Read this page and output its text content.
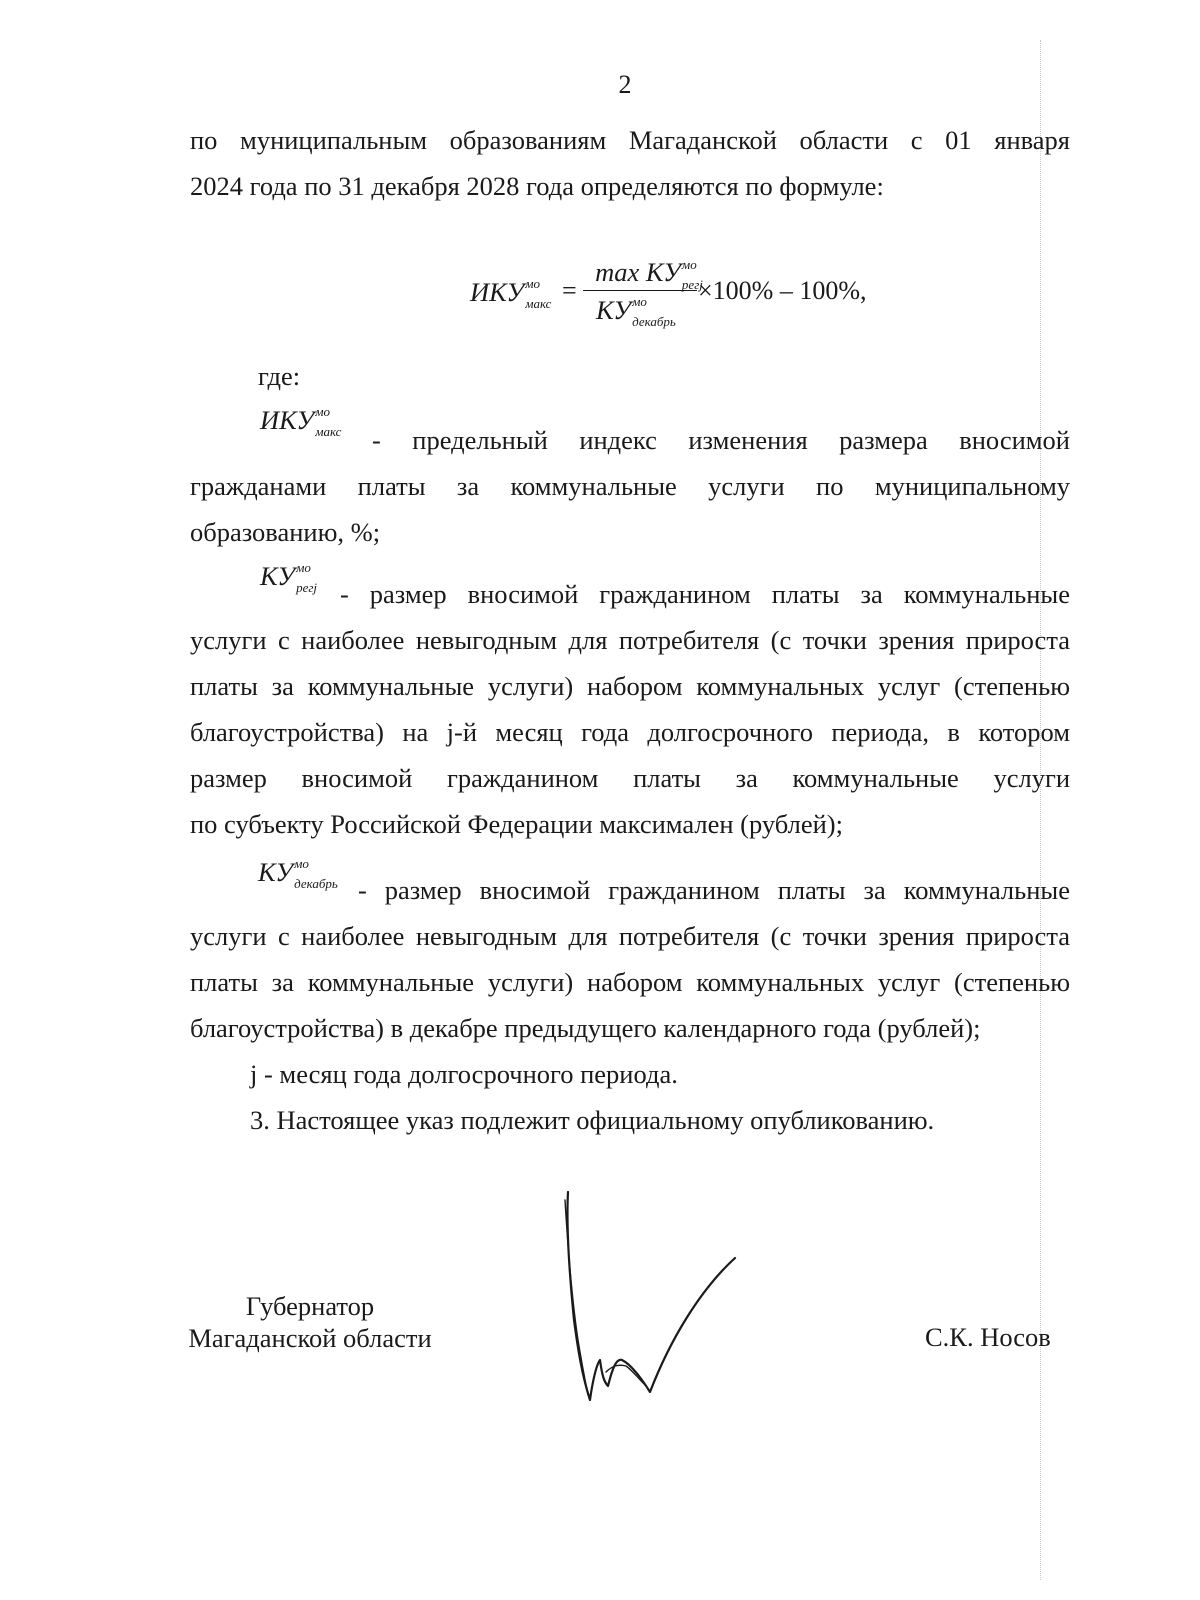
2
по муниципальным образованиям Магаданской области с 01 января
2024 года по 31 декабря 2028 года определяются по формуле:
ИКУ мо
макс =
max КУ мо
регj
КУ мо
декабрь
×100% – 100%,
где:
ИКУ мо
макс - предельный индекс изменения размера вносимой
гражданами платы за коммунальные услуги по муниципальному
образованию, %;
КУ мо
регj - размер вносимой гражданином платы за коммунальные
услуги с наиболее невыгодным для потребителя (с точки зрения прироста
платы за коммунальные услуги) набором коммунальных услуг (степенью
благоустройства) на j-й месяц года долгосрочного периода, в котором
размер вносимой гражданином платы за коммунальные услуги
по субъекту Российской Федерации максимален (рублей);
КУ мо
декабрь - размер вносимой гражданином платы за коммунальные
услуги с наиболее невыгодным для потребителя (с точки зрения прироста
платы за коммунальные услуги) набором коммунальных услуг (степенью
благоустройства) в декабре предыдущего календарного года (рублей);
j - месяц года долгосрочного периода.
3. Настоящее указ подлежит официальному опубликованию.
Губернатор
Магаданской области	С.К. Носов
